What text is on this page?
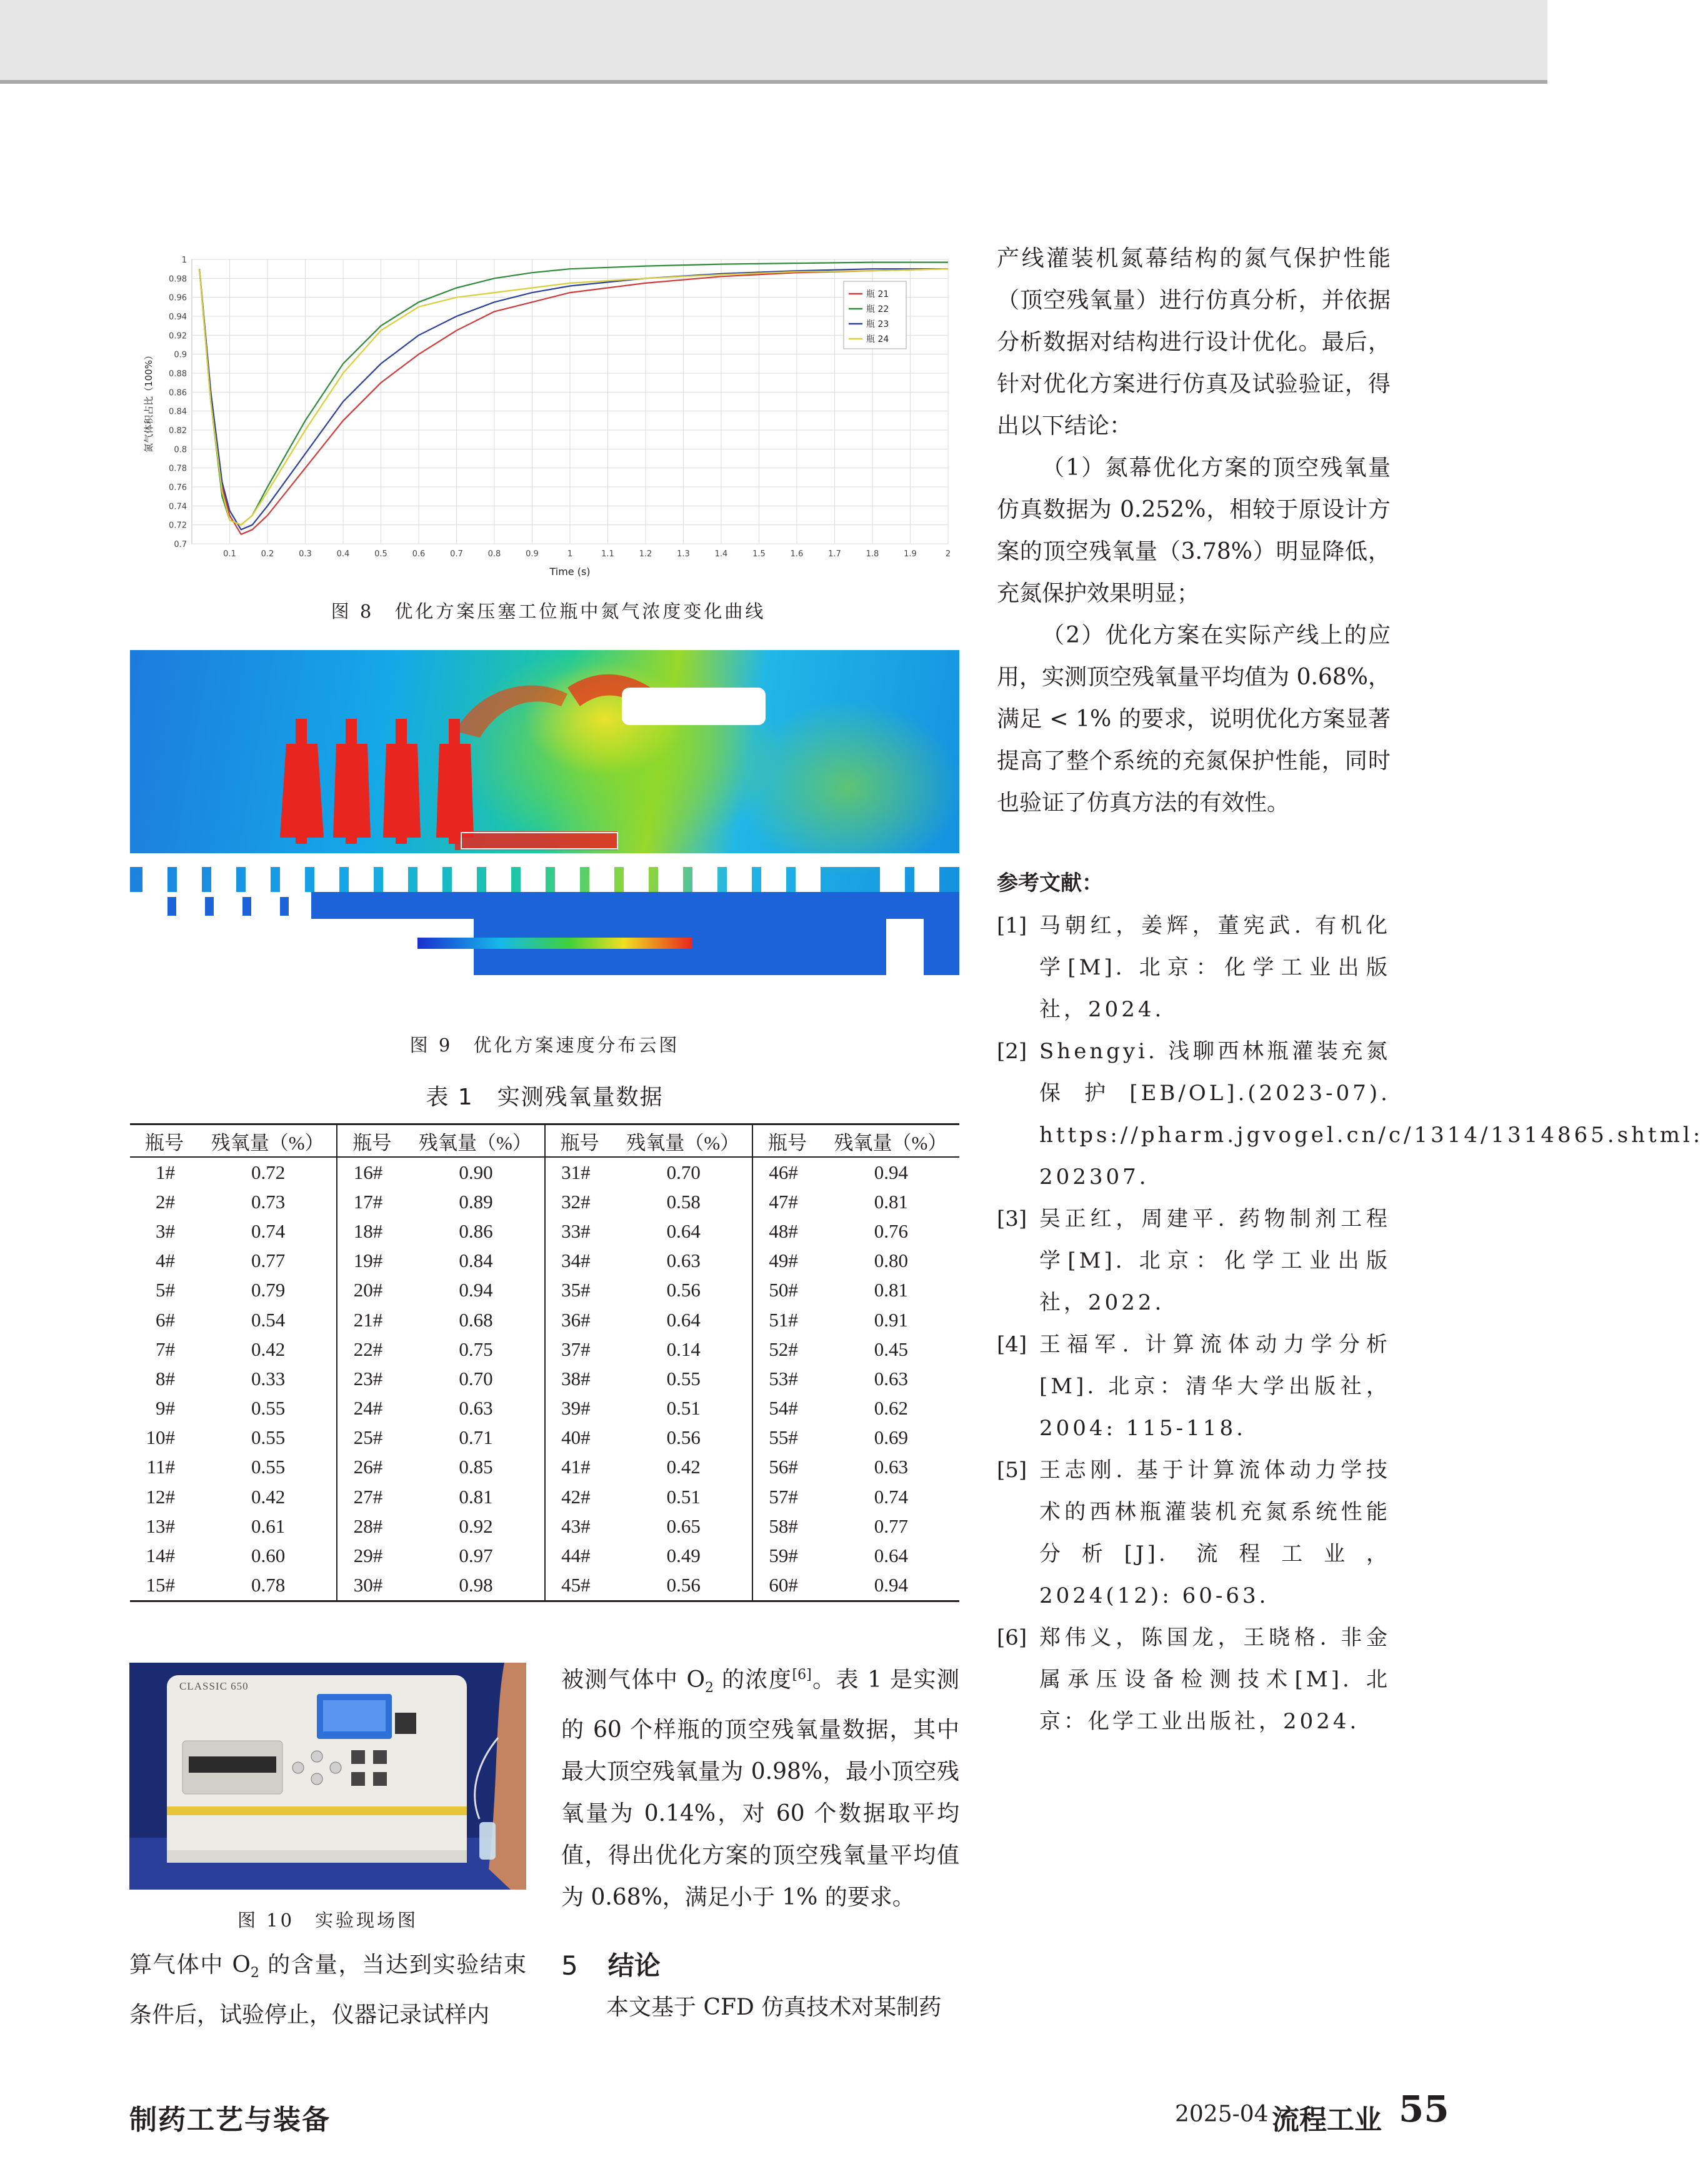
1
0.98
0.96
0.94
0.92
0.9
0.88
0.86
0.84
0.82
0.8
0.78
0.76
0.74
0.72
0.7
0.1	0.2	0.3	0.4	0.5	0.6	0.7	0.8	0.9	1	1.1	1.2	1.3	1.4	1.5	1.6	1.7	1.8	1.9	2
Time (s)
氮气体积占比（100%）
瓶 21
瓶 22
瓶 23
瓶 24
图 8　优化方案压塞工位瓶中氮气浓度变化曲线
图 9　优化方案速度分布云图
表 1　实测残氧量数据
瓶号	残氧量（%）	瓶号	残氧量（%）	瓶号	残氧量（%）	瓶号	残氧量（%）
1#	0.72	16#	0.90	31#	0.70	46#	0.94
2#	0.73	17#	0.89	32#	0.58	47#	0.81
3#	0.74	18#	0.86	33#	0.64	48#	0.76
4#	0.77	19#	0.84	34#	0.63	49#	0.80
5#	0.79	20#	0.94	35#	0.56	50#	0.81
6#	0.54	21#	0.68	36#	0.64	51#	0.91
7#	0.42	22#	0.75	37#	0.14	52#	0.45
8#	0.33	23#	0.70	38#	0.55	53#	0.63
9#	0.55	24#	0.63	39#	0.51	54#	0.62
10#	0.55	25#	0.71	40#	0.56	55#	0.69
11#	0.55	26#	0.85	41#	0.42	56#	0.63
12#	0.42	27#	0.81	42#	0.51	57#	0.74
13#	0.61	28#	0.92	43#	0.65	58#	0.77
14#	0.60	29#	0.97	44#	0.49	59#	0.64
15#	0.78	30#	0.98	45#	0.56	60#	0.94
CLASSIC 650
图 10　实验现场图

被测气体中 $O_2$ 的浓度[6]。表 1 是实测的 60 个样瓶的顶空残氧量数据，其中最大顶空残氧量为 0.98%，最小顶空残氧量为 0.14%，对 60 个数据取平均值，得出优化方案的顶空残氧量平均值为 0.68%，满足小于 1% 的要求。

算气体中 $O_2$ 的含量，当达到实验结束条件后，试验停止，仪器记录试样内

5 结论
本文基于 CFD 仿真技术对某制药

产线灌装机氮幕结构的氮气保护性能（顶空残氧量）进行仿真分析，并依据分析数据对结构进行设计优化。最后，针对优化方案进行仿真及试验验证，得出以下结论：

（1）氮幕优化方案的顶空残氧量仿真数据为 0.252%，相较于原设计方案的顶空残氧量（3.78%）明显降低，充氮保护效果明显；

（2）优化方案在实际产线上的应用，实测顶空残氧量平均值为 0.68%，满足 < 1% 的要求，说明优化方案显著提高了整个系统的充氮保护性能，同时也验证了仿真方法的有效性。

参考文献：
[1] 马朝红，姜辉，董宪武. 有机化学[M]. 北京：化学工业出版社，2024.
[2] Shengyi. 浅聊西林瓶灌装充氮保护[EB/OL].(2023-07). https://pharm.jgvogel.cn/c/1314/1314865.shtml: 202307.
[3] 吴正红，周建平. 药物制剂工程学[M]. 北京：化学工业出版社，2022.
[4] 王福军. 计算流体动力学分析[M]. 北京：清华大学出版社，2004: 115-118.
[5] 王志刚. 基于计算流体动力学技术的西林瓶灌装机充氮系统性能分析[J]. 流程工业，2024(12): 60-63.
[6] 郑伟义，陈国龙，王晓格. 非金属承压设备检测技术[M]. 北京：化学工业出版社，2024.
制药工艺与装备	2025-04 流程工业 55
